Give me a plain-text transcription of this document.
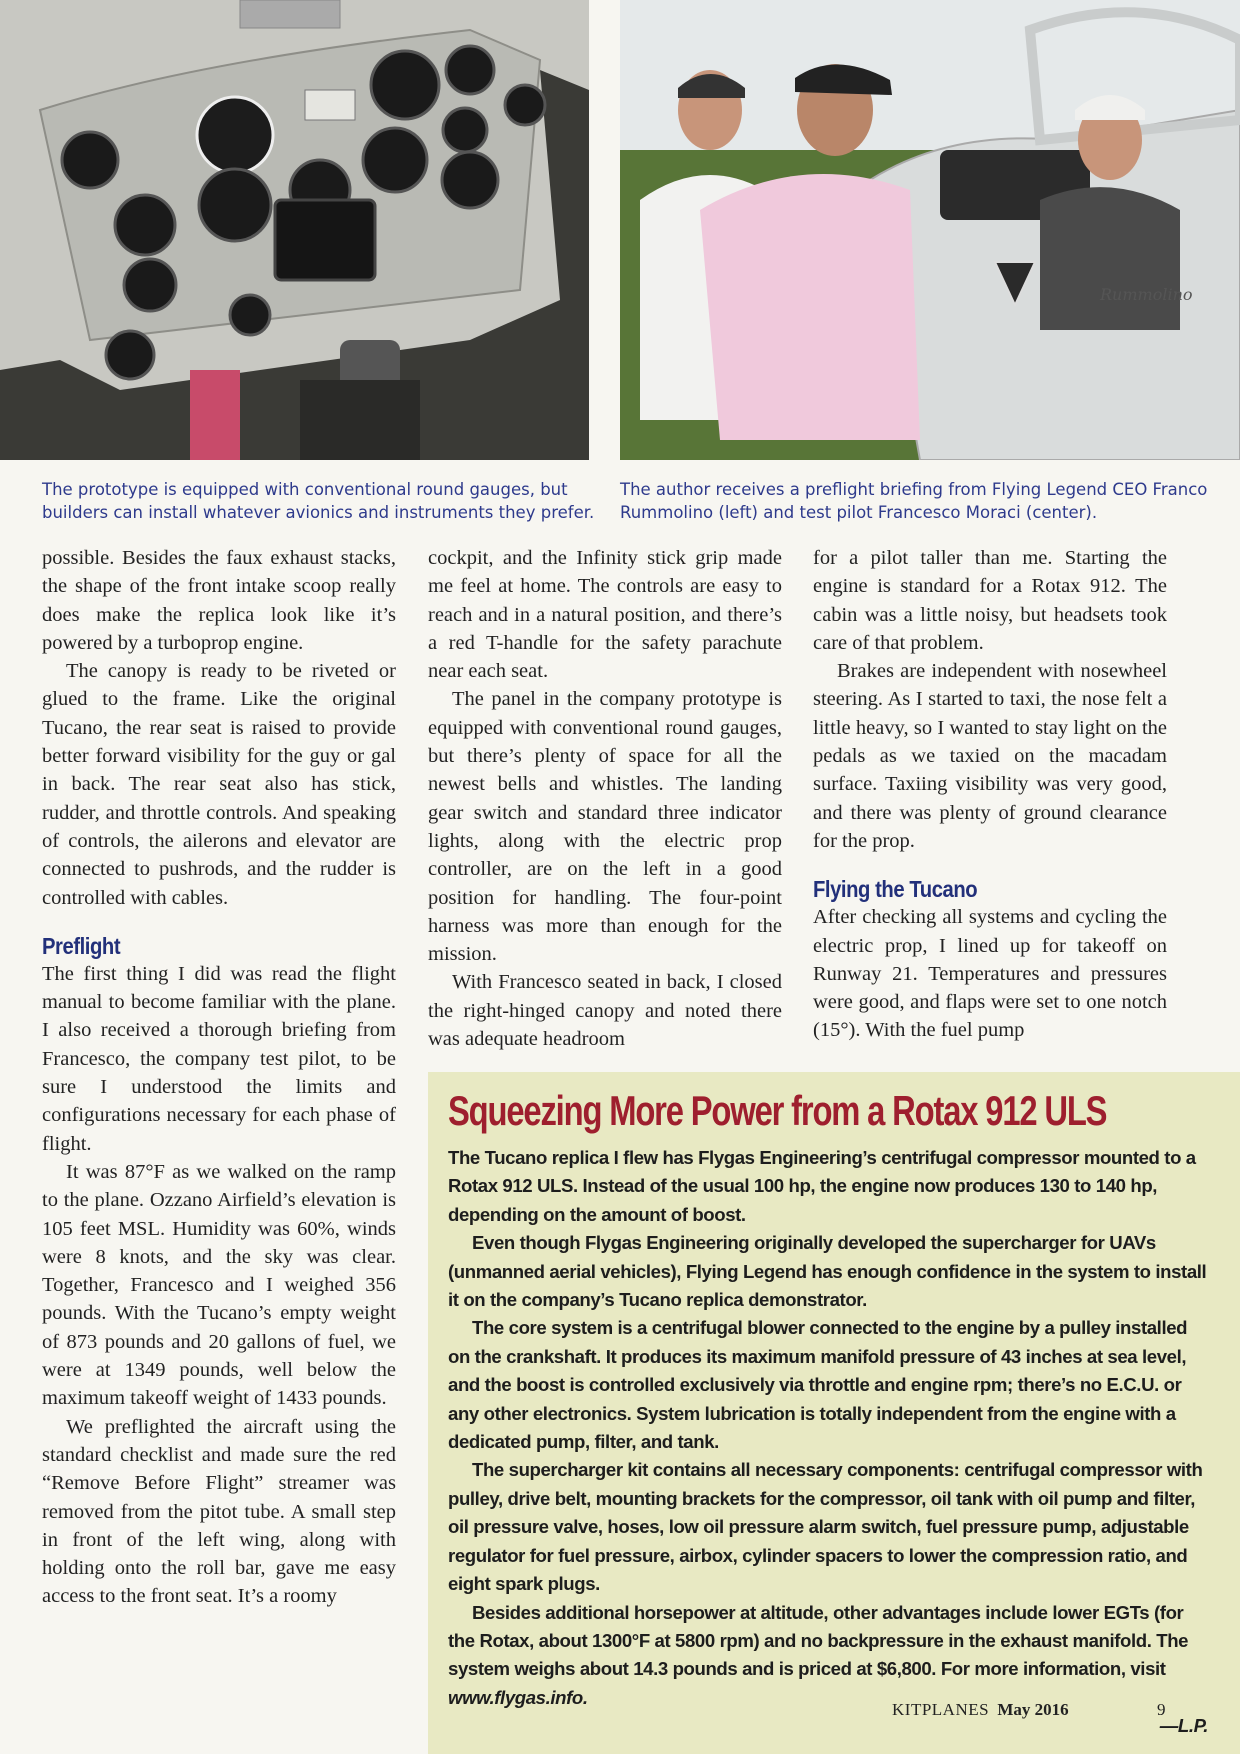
Rummolino
The prototype is equipped with conventional round gauges, but builders can install whatever avionics and instruments they prefer.
The author receives a preflight briefing from Flying Legend CEO Franco Rummolino (left) and test pilot Francesco Moraci (center).

possible. Besides the faux exhaust stacks, the shape of the front intake scoop really does make the replica look like it’s powered by a turboprop engine.

The canopy is ready to be riveted or glued to the frame. Like the original Tucano, the rear seat is raised to provide better forward visibility for the guy or gal in back. The rear seat also has stick, rudder, and throttle controls. And speaking of controls, the ailerons and elevator are connected to pushrods, and the rudder is controlled with cables.

Preflight

The first thing I did was read the flight manual to become familiar with the plane. I also received a thorough briefing from Francesco, the company test pilot, to be sure I understood the limits and configurations necessary for each phase of flight.

It was 87°F as we walked on the ramp to the plane. Ozzano Airfield’s elevation is 105 feet MSL. Humidity was 60%, winds were 8 knots, and the sky was clear. Together, Francesco and I weighed 356 pounds. With the Tucano’s empty weight of 873 pounds and 20 gallons of fuel, we were at 1349 pounds, well below the maximum takeoff weight of 1433 pounds.

We preflighted the aircraft using the standard checklist and made sure the red “Remove Before Flight” streamer was removed from the pitot tube. A small step in front of the left wing, along with holding onto the roll bar, gave me easy access to the front seat. It’s a roomy

cockpit, and the Infinity stick grip made me feel at home. The controls are easy to reach and in a natural position, and there’s a red T-handle for the safety parachute near each seat.

The panel in the company prototype is equipped with conventional round gauges, but there’s plenty of space for all the newest bells and whistles. The landing gear switch and standard three indicator lights, along with the electric prop controller, are on the left in a good position for handling. The four-point harness was more than enough for the mission.

With Francesco seated in back, I closed the right-hinged canopy and noted there was adequate headroom

for a pilot taller than me. Starting the engine is standard for a Rotax 912. The cabin was a little noisy, but headsets took care of that problem.

Brakes are independent with nosewheel steering. As I started to taxi, the nose felt a little heavy, so I wanted to stay light on the pedals as we taxied on the macadam surface. Taxiing visibility was very good, and there was plenty of ground clearance for the prop.

Flying the Tucano

After checking all systems and cycling the electric prop, I lined up for takeoff on Runway 21. Temperatures and pressures were good, and flaps were set to one notch (15°). With the fuel pump

Squeezing More Power from a Rotax 912 ULS

The Tucano replica I flew has Flygas Engineering’s centrifugal compressor mounted to a Rotax 912 ULS. Instead of the usual 100 hp, the engine now produces 130 to 140 hp, depending on the amount of boost.

Even though Flygas Engineering originally developed the supercharger for UAVs (unmanned aerial vehicles), Flying Legend has enough confidence in the system to install it on the company’s Tucano replica demonstrator.

The core system is a centrifugal blower connected to the engine by a pulley installed on the crankshaft. It produces its maximum manifold pressure of 43 inches at sea level, and the boost is controlled exclusively via throttle and engine rpm; there’s no E.C.U. or any other electronics. System lubrication is totally independent from the engine with a dedicated pump, filter, and tank.

The supercharger kit contains all necessary components: centrifugal compressor with pulley, drive belt, mounting brackets for the compressor, oil tank with oil pump and filter, oil pressure valve, hoses, low oil pressure alarm switch, fuel pressure pump, adjustable regulator for fuel pressure, airbox, cylinder spacers to lower the compression ratio, and eight spark plugs.

Besides additional horsepower at altitude, other advantages include lower EGTs (for the Rotax, about 1300°F at 5800 rpm) and no backpressure in the exhaust manifold. The system weighs about 14.3 pounds and is priced at $6,800. For more information, visit www.flygas.info.

—L.P.
KITPLANES May 2016	9
